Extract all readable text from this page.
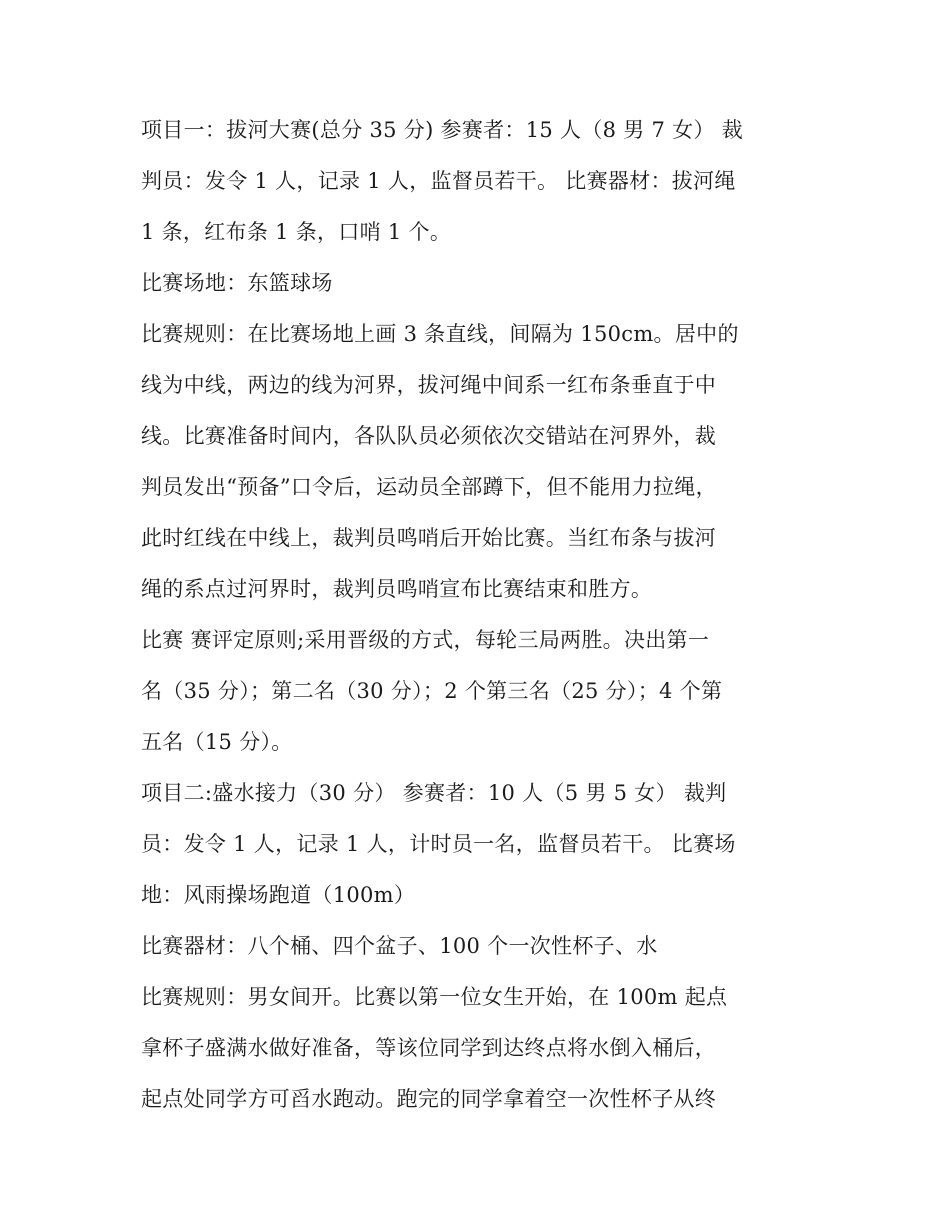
项目一：拔河大赛(总分 35 分) 参赛者：15 人（8 男 7 女） 裁
判员：发令 1 人，记录 1 人，监督员若干。 比赛器材：拔河绳
1 条，红布条 1 条，口哨 1 个。
比赛场地：东篮球场
比赛规则：在比赛场地上画 3 条直线，间隔为 150cm。居中的
线为中线，两边的线为河界，拔河绳中间系一红布条垂直于中
线。比赛准备时间内，各队队员必须依次交错站在河界外，裁
判员发出“预备”口令后，运动员全部蹲下，但不能用力拉绳，
此时红线在中线上，裁判员鸣哨后开始比赛。当红布条与拔河
绳的系点过河界时，裁判员鸣哨宣布比赛结束和胜方。
比赛 赛评定原则;采用晋级的方式，每轮三局两胜。决出第一
名（35 分）；第二名（30 分）；2 个第三名（25 分）；4 个第
五名（15 分）。
项目二:盛水接力（30 分） 参赛者：10 人（5 男 5 女） 裁判
员：发令 1 人，记录 1 人，计时员一名，监督员若干。 比赛场
地：风雨操场跑道（100m）
比赛器材：八个桶、四个盆子、100 个一次性杯子、水
比赛规则：男女间开。比赛以第一位女生开始，在 100m 起点
拿杯子盛满水做好准备，等该位同学到达终点将水倒入桶后，
起点处同学方可舀水跑动。跑完的同学拿着空一次性杯子从终
